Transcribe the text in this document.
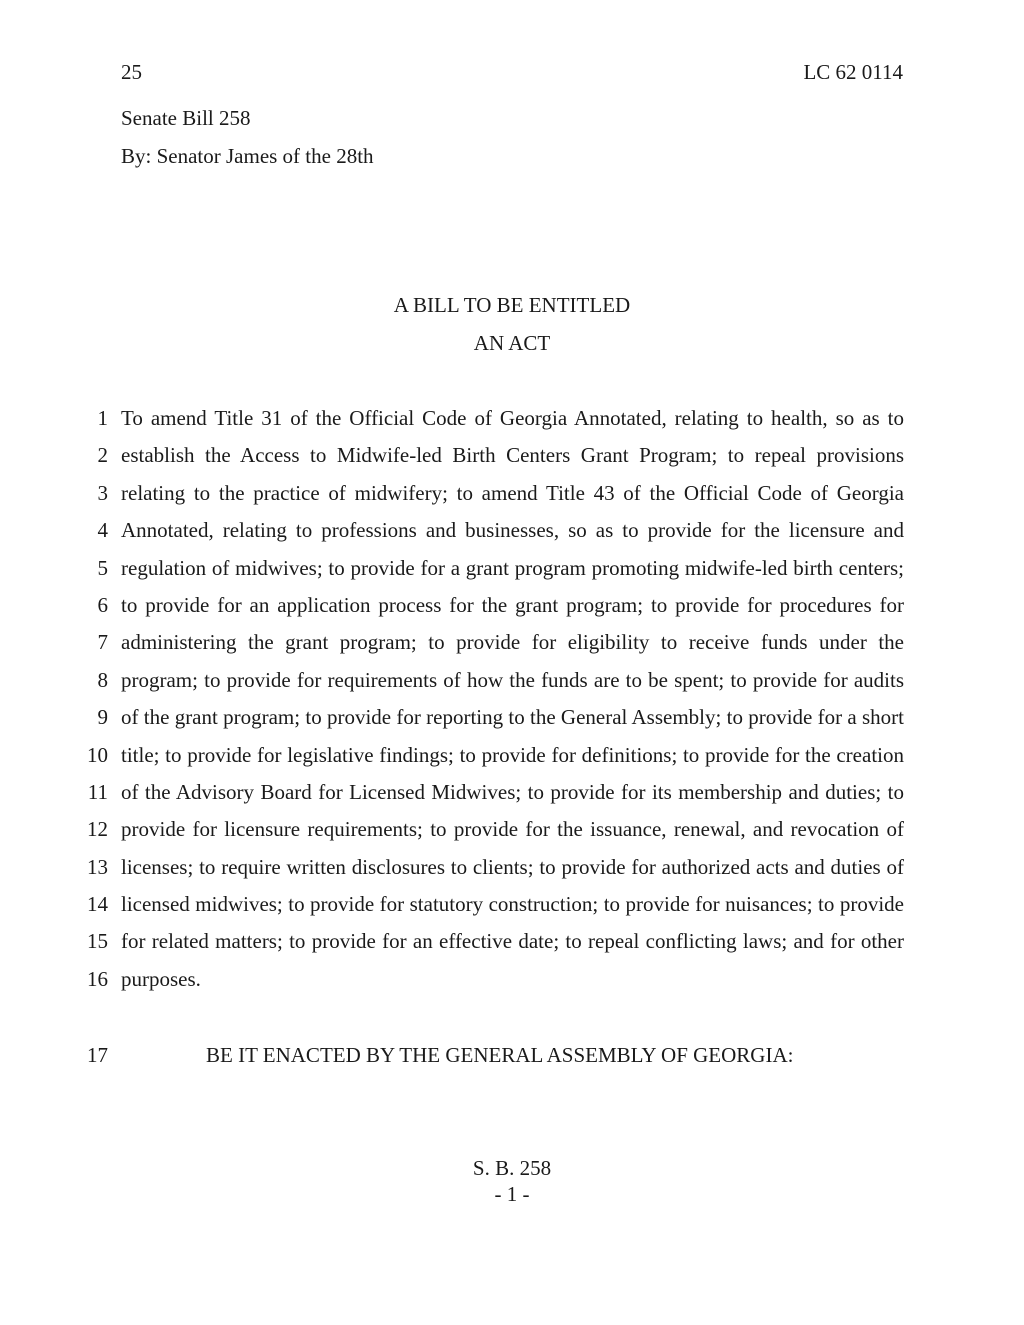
25	LC 62 0114
Senate Bill 258
By: Senator James of the 28th
A BILL TO BE ENTITLED
AN ACT
1 To amend Title 31 of the Official Code of Georgia Annotated, relating to health, so as to
2 establish the Access to Midwife-led Birth Centers Grant Program; to repeal provisions
3 relating to the practice of midwifery; to amend Title 43 of the Official Code of Georgia
4 Annotated, relating to professions and businesses, so as to provide for the licensure and
5 regulation of midwives; to provide for a grant program promoting midwife-led birth centers;
6 to provide for an application process for the grant program; to provide for procedures for
7 administering the grant program; to provide for eligibility to receive funds under the
8 program; to provide for requirements of how the funds are to be spent; to provide for audits
9 of the grant program; to provide for reporting to the General Assembly; to provide for a short
10 title; to provide for legislative findings; to provide for definitions; to provide for the creation
11 of the Advisory Board for Licensed Midwives; to provide for its membership and duties; to
12 provide for licensure requirements; to provide for the issuance, renewal, and revocation of
13 licenses; to require written disclosures to clients; to provide for authorized acts and duties of
14 licensed midwives; to provide for statutory construction; to provide for nuisances; to provide
15 for related matters; to provide for an effective date; to repeal conflicting laws; and for other
16 purposes.
17	BE IT ENACTED BY THE GENERAL ASSEMBLY OF GEORGIA:
S. B. 258
- 1 -
